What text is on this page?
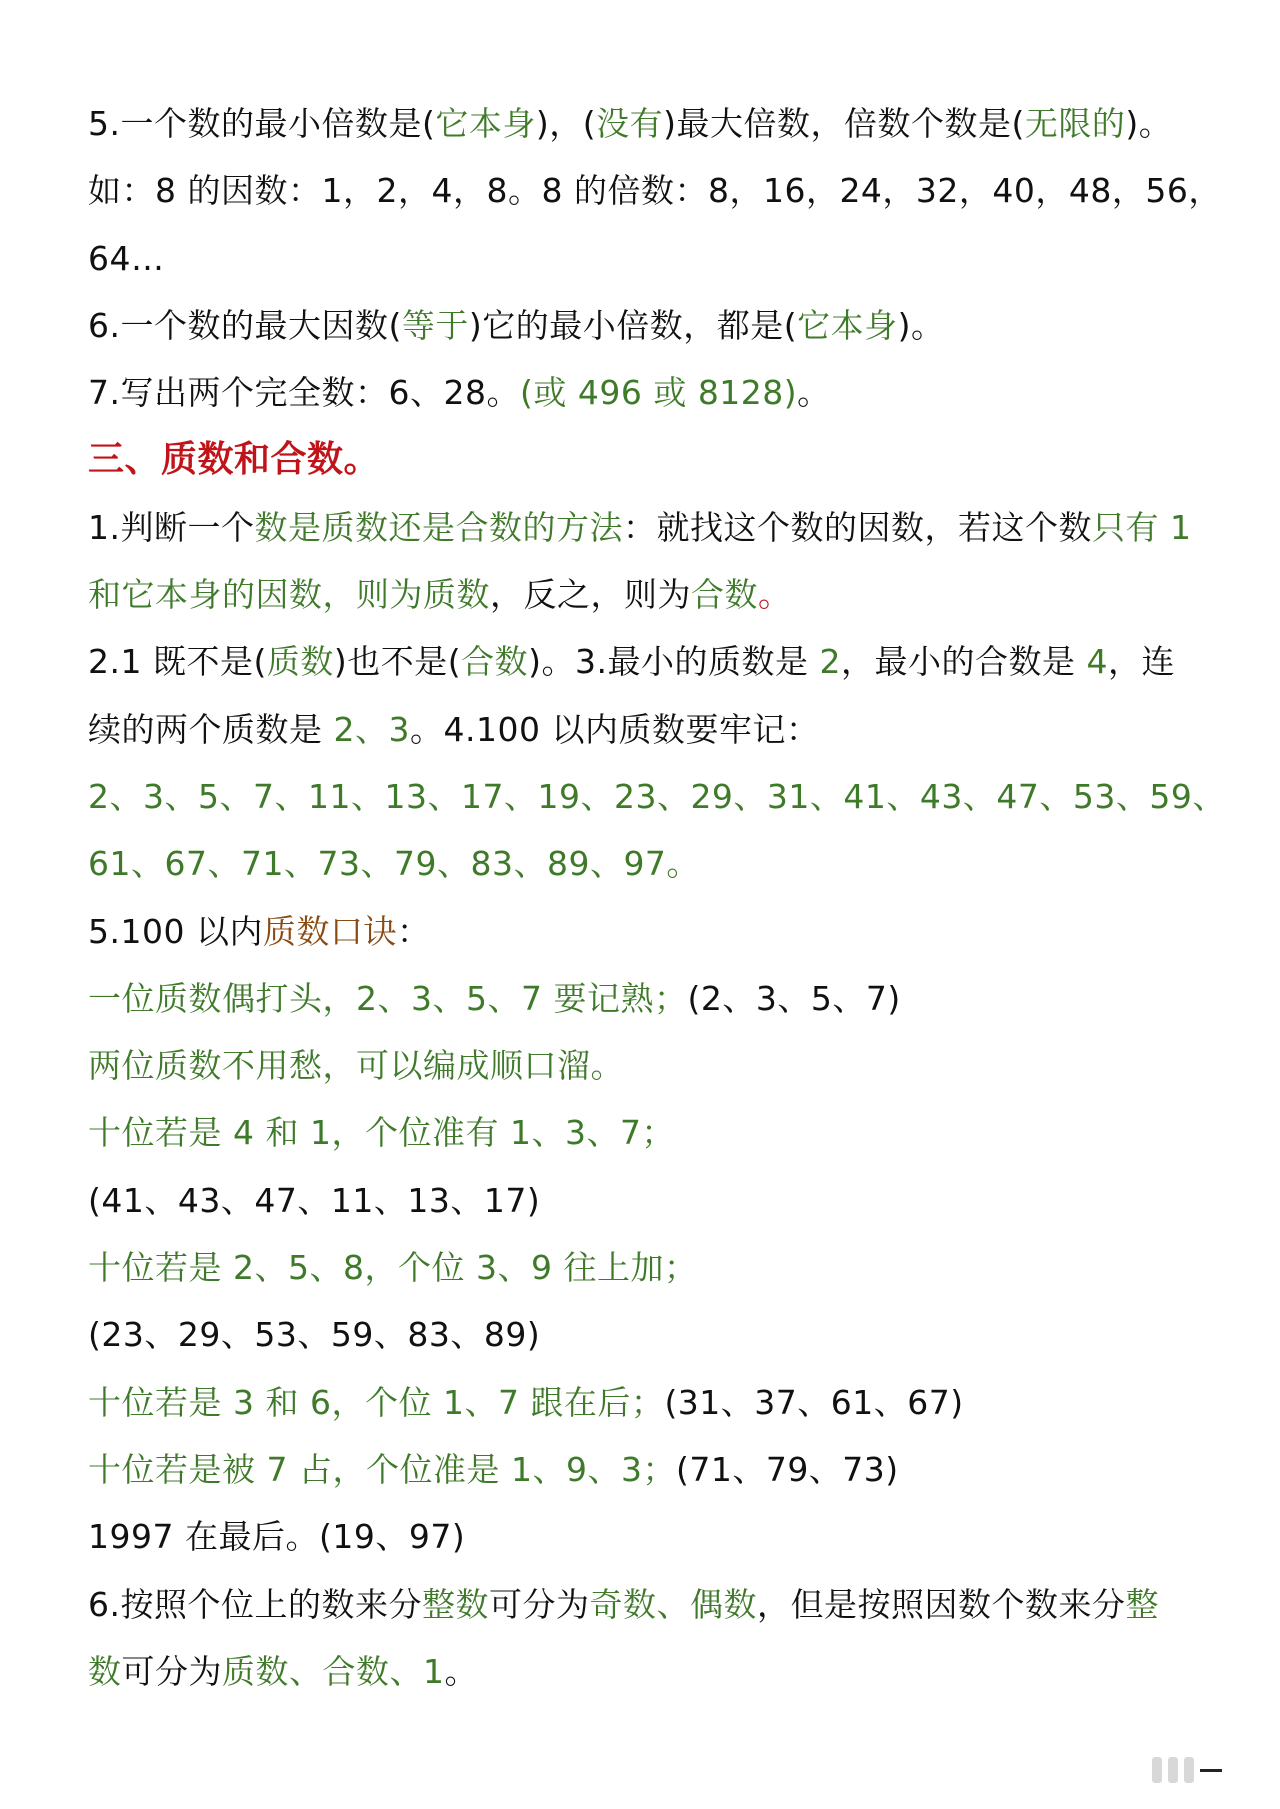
5.一个数的最小倍数是(它本身)，(没有)最大倍数，倍数个数是(无限的)。
如：8 的因数：1，2，4，8。8 的倍数：8，16，24，32，40，48，56，
64…
6.一个数的最大因数(等于)它的最小倍数，都是(它本身)。
7.写出两个完全数：6、28。(或 496 或 8128)。
三、质数和合数。
1.判断一个数是质数还是合数的方法：就找这个数的因数，若这个数只有 1
和它本身的因数，则为质数，反之，则为合数。
2.1 既不是(质数)也不是(合数)。3.最小的质数是 2，最小的合数是 4，连
续的两个质数是 2、3。4.100 以内质数要牢记：
2、3、5、7、11、13、17、19、23、29、31、41、43、47、53、59、
61、67、71、73、79、83、89、97。
5.100 以内质数口诀：
一位质数偶打头，2、3、5、7 要记熟；(2、3、5、7)
两位质数不用愁，可以编成顺口溜。
十位若是 4 和 1，个位准有 1、3、7；
(41、43、47、11、13、17)
十位若是 2、5、8，个位 3、9 往上加；
(23、29、53、59、83、89)
十位若是 3 和 6，个位 1、7 跟在后；(31、37、61、67)
十位若是被 7 占，个位准是 1、9、3；(71、79、73)
1997 在最后。(19、97)
6.按照个位上的数来分整数可分为奇数、偶数，但是按照因数个数来分整
数可分为质数、合数、1。
